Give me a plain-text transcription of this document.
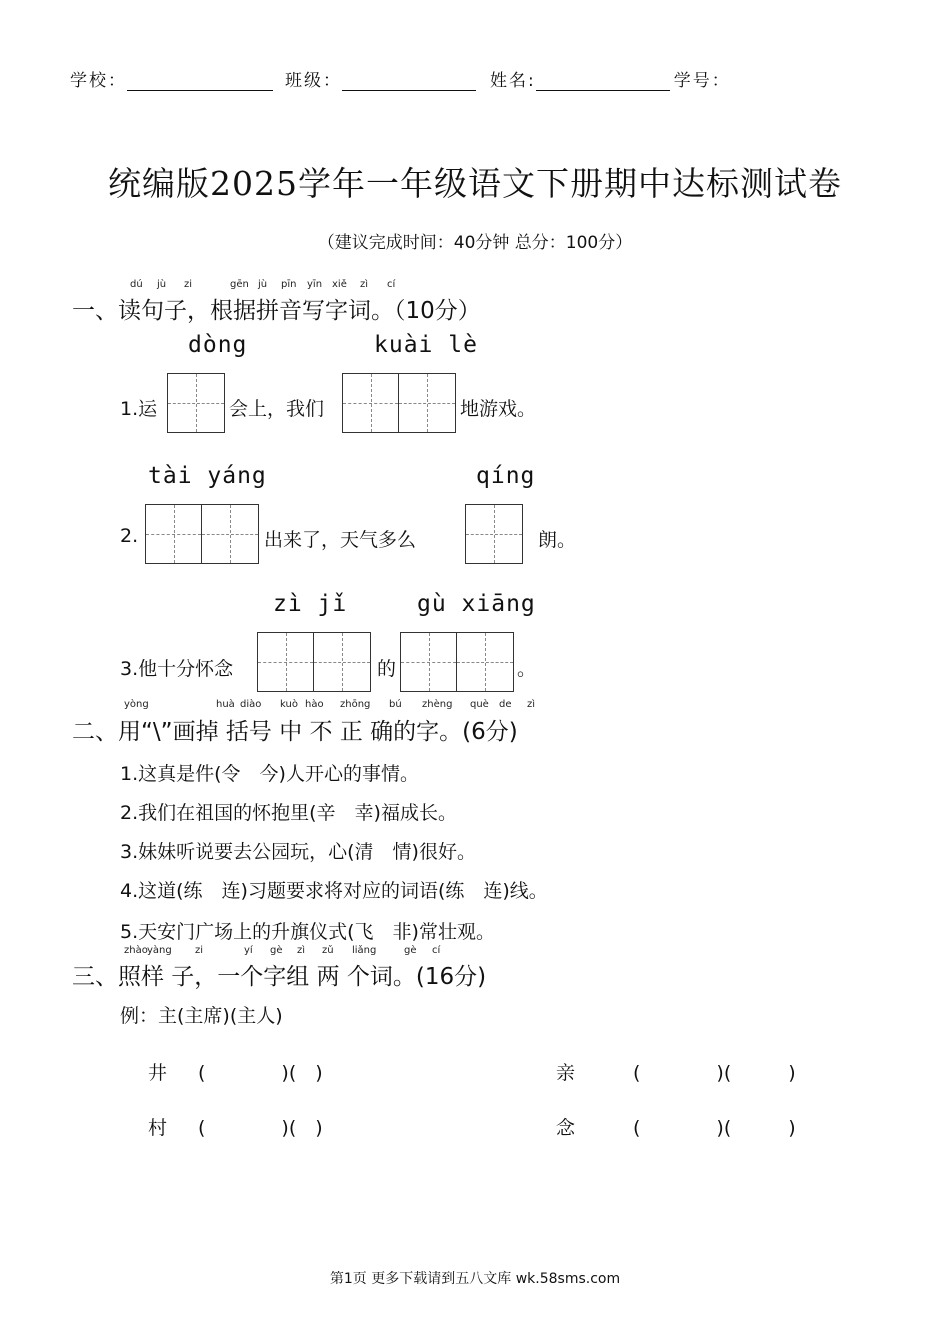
学校：	班级：	姓名:	学号：
统编版2025学年一年级语文下册期中达标测试卷
（建议完成时间：40分钟 总分：100分）
dú jù zi	gēn jù pīn yīn xiě zì cí
一、读句子，根据拼音写字词。（10分）
dòng	kuài lè
1.运	会上，我们	地游戏。
tài yáng	qíng
2.	出来了，天气多么	朗。
zì jǐ	gù xiāng
3.他十分怀念	的	。
yòng	huà diào kuò hào zhōng bú zhèng què de zì
二、用“\”画掉 括号 中 不 正 确的字。(6分)
1.这真是件(令　今)人开心的事情。
2.我们在祖国的怀抱里(辛　幸)福成长。
3.妹妹听说要去公园玩，心(清　情)很好。
4.这道(练　连)习题要求将对应的词语(练　连)线。
5.天安门广场上的升旗仪式(飞　非)常壮观。
zhào yàng zi	yí gè zì zǔ liǎng	gè cí
三、照样 子，一个字组 两 个词。(16分)
例：主(主席)(主人)
井 (　　　　)(　)	亲	(　　　　)(　　　)
村 (　　　　)(　)	念	(　　　　)(　　　)
第1页 更多下载请到五八文库 wk.58sms.com
